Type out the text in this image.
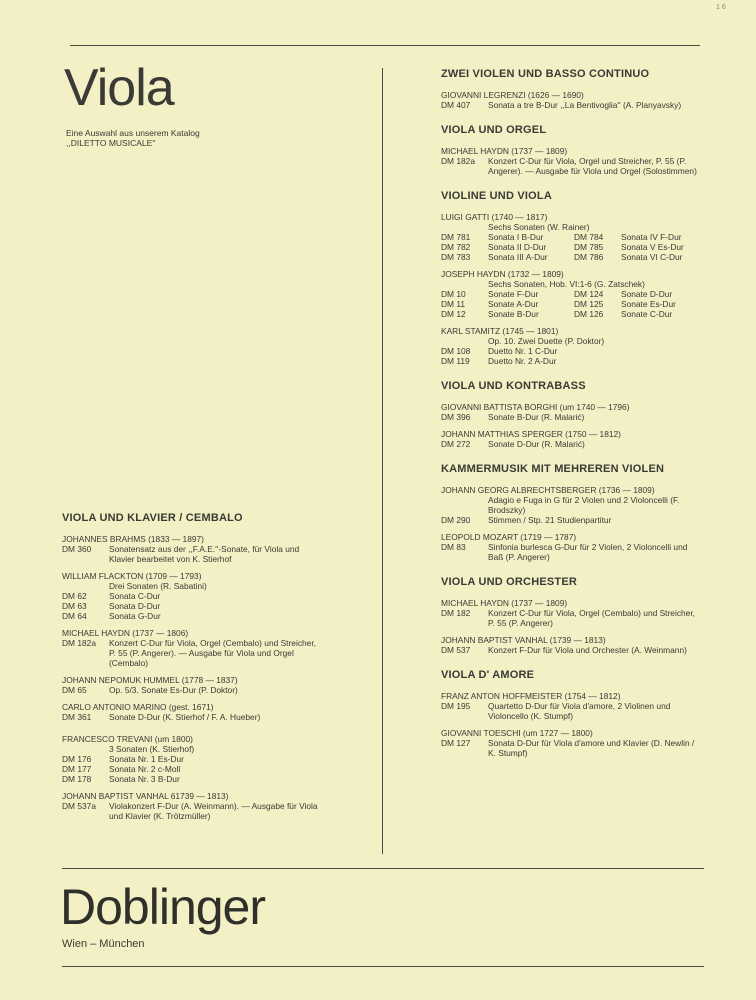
16
Viola
Eine Auswahl aus unserem Katalog
,,DILETTO MUSICALE''
VIOLA UND KLAVIER / CEMBALO
JOHANNES BRAHMS (1833 — 1897)
DM 360	Sonatensatz aus der ,,F.A.E.''-Sonate, für Viola und Klavier bearbeitet von K. Stierhof
WILLIAM FLACKTON (1709 — 1793)
Drei Sonaten (R. Sabatini)
DM 62	Sonata C-Dur
DM 63	Sonata D-Dur
DM 64	Sonata G-Dur
MICHAEL HAYDN (1737 — 1806)
DM 182a	Konzert C-Dur für Viola, Orgel (Cembalo) und Streicher, P. 55 (P. Angerer). — Ausgabe für Viola und Orgel (Cembalo)
JOHANN NEPOMUK HUMMEL (1778 — 1837)
DM 65	Op. 5/3. Sonate Es-Dur (P. Doktor)
CARLO ANTONIO MARINO (gest. 1671)
DM 361	Sonate D-Dur (K. Stierhof / F. A. Hueber)
FRANCESCO TREVANI (um 1800)
3 Sonaten (K. Stierhof)
DM 176	Sonata Nr. 1 Es-Dur
DM 177	Sonata Nr. 2 c-Moll
DM 178	Sonata Nr. 3 B-Dur
JOHANN BAPTIST VANHAL 61739 — 1813)
DM 537a	Violakonzert F-Dur (A. Weinmann). — Ausgabe für Viola und Klavier (K. Trötzmüller)
ZWEI VIOLEN UND BASSO CONTINUO
GIOVANNI LEGRENZI (1626 — 1690)
DM 407	Sonata a tre B-Dur ,,La Bentivoglia'' (A. Planyavsky)
VIOLA UND ORGEL
MICHAEL HAYDN (1737 — 1809)
DM 182a	Konzert C-Dur für Viola, Orgel und Streicher, P. 55 (P. Angerer). — Ausgabe für Viola und Orgel (Solostimmen)
VIOLINE UND VIOLA
LUIGI GATTI (1740 — 1817)
Sechs Sonaten (W. Rainer)
DM 781	Sonata I B-Dur	DM 784	Sonata IV F-Dur
DM 782	Sonata II D-Dur	DM 785	Sonata V Es-Dur
DM 783	Sonata III A-Dur	DM 786	Sonata VI C-Dur
JOSEPH HAYDN (1732 — 1809)
Sechs Sonaten, Hob. VI:1-6 (G. Zatschek)
DM 10	Sonate F-Dur	DM 124	Sonate D-Dur
DM 11	Sonate A-Dur	DM 125	Sonate Es-Dur
DM 12	Sonate B-Dur	DM 126	Sonate C-Dur
KARL STAMITZ (1745 — 1801)
Op. 10. Zwei Duette (P. Doktor)
DM 108	Duetto Nr. 1 C-Dur
DM 119	Duetto Nr. 2 A-Dur
VIOLA UND KONTRABASS
GIOVANNI BATTISTA BORGHI (um 1740 — 1796)
DM 396	Sonate B-Dur (R. Malarić)
JOHANN MATTHIAS SPERGER (1750 — 1812)
DM 272	Sonate D-Dur (R. Malarić)
KAMMERMUSIK MIT MEHREREN VIOLEN
JOHANN GEORG ALBRECHTSBERGER (1736 — 1809)
Adagio e Fuga in G für 2 Violen und 2 Violoncelli (F. Brodszky)
DM 290	Stimmen / Stp. 21 Studienpartitur
LEOPOLD MOZART (1719 — 1787)
DM 83	Sinfonia burlesca G-Dur für 2 Violen, 2 Violoncelli und Baß (P. Angerer)
VIOLA UND ORCHESTER
MICHAEL HAYDN (1737 — 1809)
DM 182	Konzert C-Dur für Viola, Orgel (Cembalo) und Streicher, P. 55 (P. Angerer)
JOHANN BAPTIST VANHAL (1739 — 1813)
DM 537	Konzert F-Dur für Viola und Orchester (A. Weinmann)
VIOLA D' AMORE
FRANZ ANTON HOFFMEISTER (1754 — 1812)
DM 195	Quartetto D-Dur für Viola d'amore, 2 Violinen und Violoncello (K. Stumpf)
GIOVANNI TOESCHI (um 1727 — 1800)
DM 127	Sonata D-Dur für Viola d'amore und Klavier (D. Newlin / K. Stumpf)
Doblinger
Wien – München
